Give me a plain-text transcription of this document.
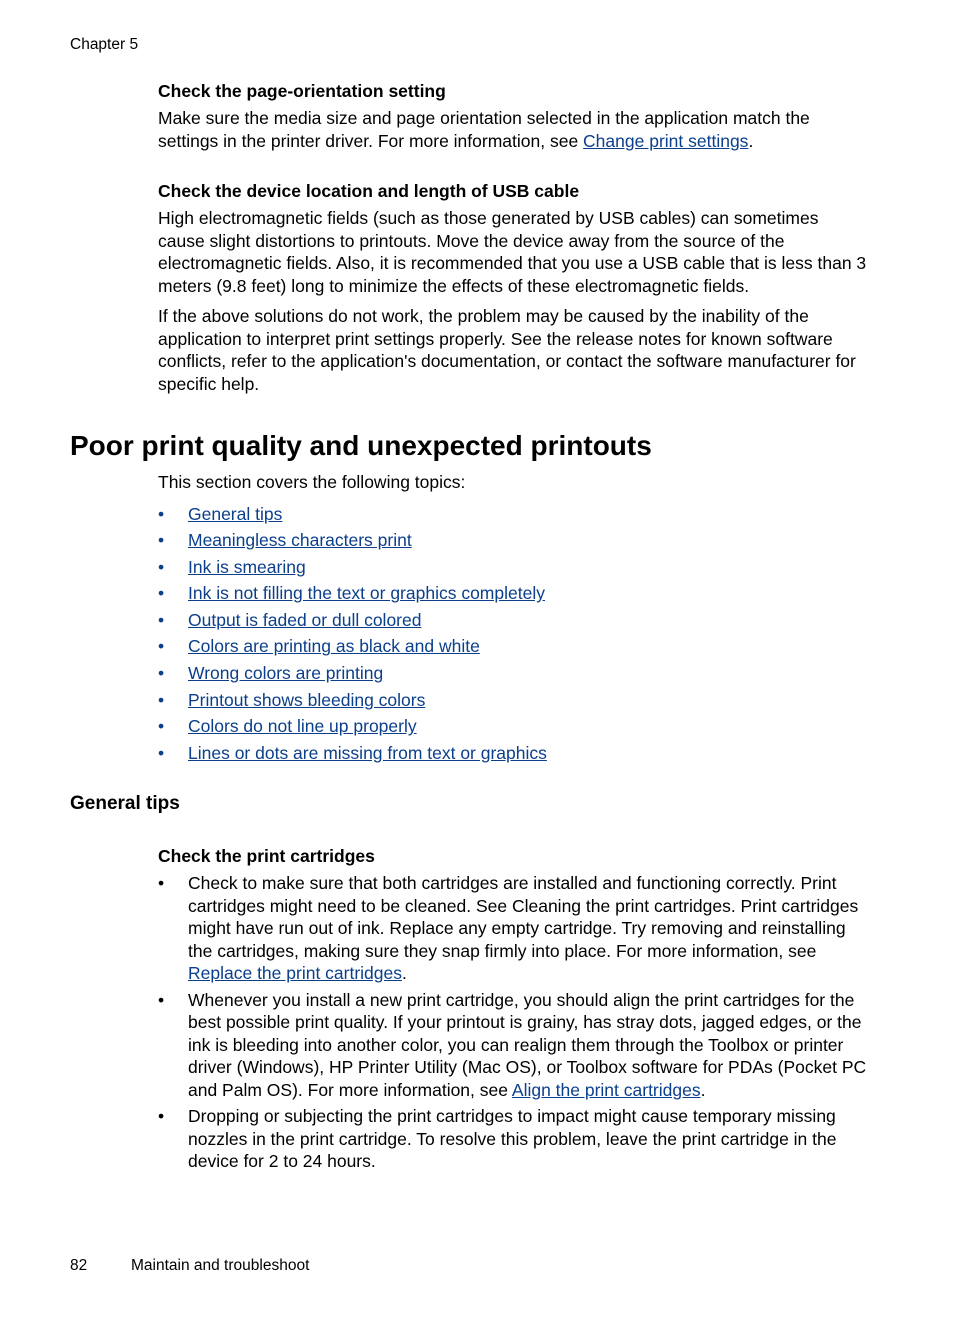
Chapter 5
Check the page-orientation setting

Make sure the media size and page orientation selected in the application match the settings in the printer driver. For more information, see Change print settings.

Check the device location and length of USB cable

High electromagnetic fields (such as those generated by USB cables) can sometimes cause slight distortions to printouts. Move the device away from the source of the electromagnetic fields. Also, it is recommended that you use a USB cable that is less than 3 meters (9.8 feet) long to minimize the effects of these electromagnetic fields.

If the above solutions do not work, the problem may be caused by the inability of the application to interpret print settings properly. See the release notes for known software conflicts, refer to the application's documentation, or contact the software manufacturer for specific help.

Poor print quality and unexpected printouts

This section covers the following topics:

• General tips
• Meaningless characters print
• Ink is smearing
• Ink is not filling the text or graphics completely
• Output is faded or dull colored
• Colors are printing as black and white
• Wrong colors are printing
• Printout shows bleeding colors
• Colors do not line up properly
• Lines or dots are missing from text or graphics
General tips
Check the print cartridges
• Check to make sure that both cartridges are installed and functioning correctly. Print cartridges might need to be cleaned. See Cleaning the print cartridges. Print cartridges might have run out of ink. Replace any empty cartridge. Try removing and reinstalling the cartridges, making sure they snap firmly into place. For more information, see Replace the print cartridges.
• Whenever you install a new print cartridge, you should align the print cartridges for the best possible print quality. If your printout is grainy, has stray dots, jagged edges, or the ink is bleeding into another color, you can realign them through the Toolbox or printer driver (Windows), HP Printer Utility (Mac OS), or Toolbox software for PDAs (Pocket PC and Palm OS). For more information, see Align the print cartridges.
• Dropping or subjecting the print cartridges to impact might cause temporary missing nozzles in the print cartridge. To resolve this problem, leave the print cartridge in the device for 2 to 24 hours.
82	Maintain and troubleshoot
